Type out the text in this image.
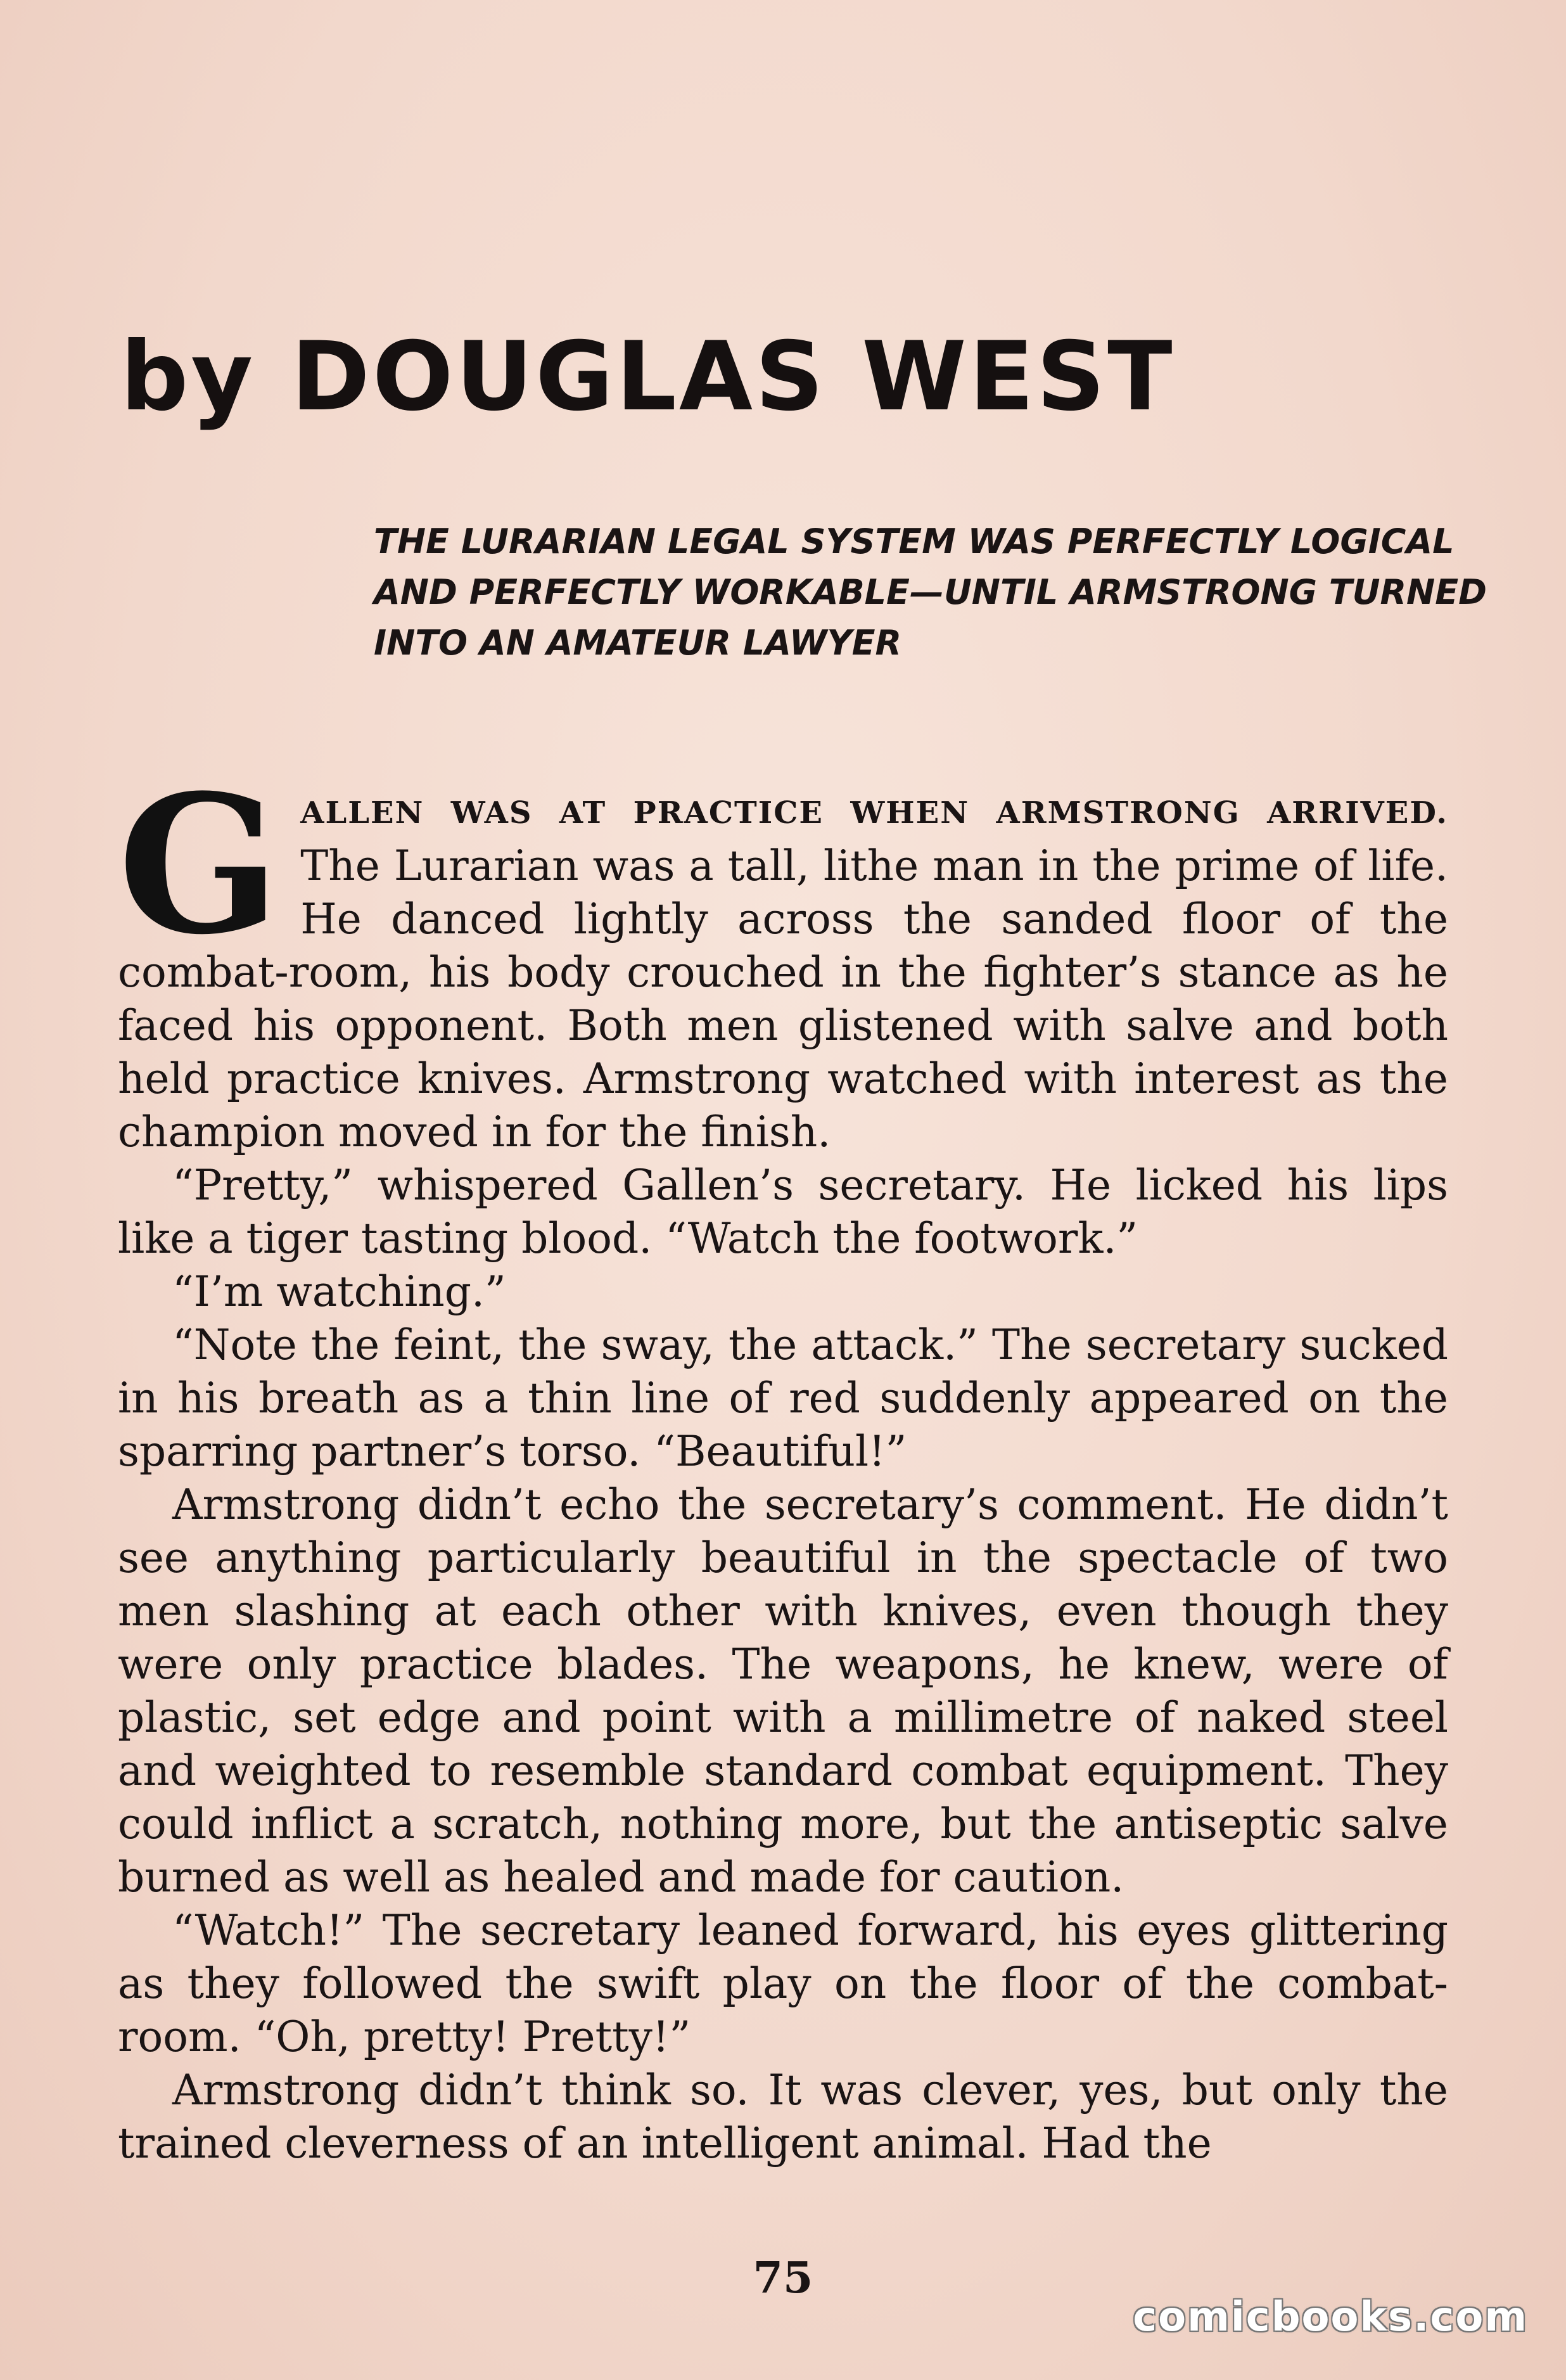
by DOUGLAS WEST
THE LURARIAN LEGAL SYSTEM WAS PERFECTLY LOGICAL
AND PERFECTLY WORKABLE—UNTIL ARMSTRONG TURNED
INTO AN AMATEUR LAWYER

G ALLEN WAS AT PRACTICE WHEN ARMSTRONG ARRIVED. The Lurarian was a tall, lithe man in the prime of life. He danced lightly across the sanded floor of the combat-room, his body crouched in the fighter’s stance as he faced his opponent. Both men glistened with salve and both held practice knives. Armstrong watched with interest as the champion moved in for the finish.

“Pretty,” whispered Gallen’s secretary. He licked his lips like a tiger tasting blood. “Watch the footwork.”

“I’m watching.”

“Note the feint, the sway, the attack.” The secretary sucked in his breath as a thin line of red suddenly appeared on the sparring partner’s torso. “Beautiful!”

Armstrong didn’t echo the secretary’s comment. He didn’t see anything particularly beautiful in the spectacle of two men slashing at each other with knives, even though they were only practice blades. The weapons, he knew, were of plastic, set edge and point with a millimetre of naked steel and weighted to resemble standard combat equipment. They could inflict a scratch, nothing more, but the antiseptic salve burned as well as healed and made for caution.

“Watch!” The secretary leaned forward, his eyes glittering as they followed the swift play on the floor of the combat-room. “Oh, pretty! Pretty!”

Armstrong didn’t think so. It was clever, yes, but only the trained cleverness of an intelligent animal. Had the

75
comicbooks.com
